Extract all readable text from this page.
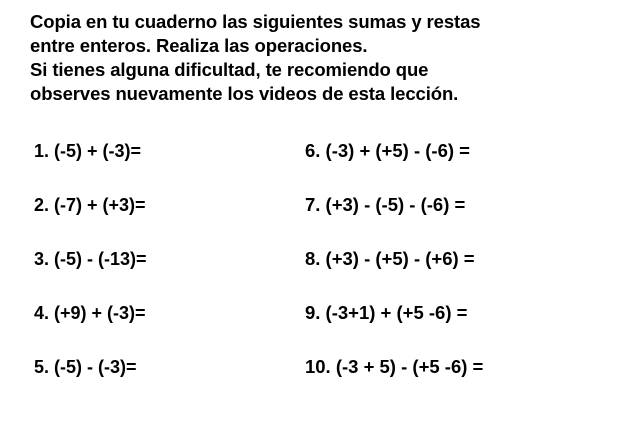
Copia en tu cuaderno las siguientes sumas y restas
entre enteros. Realiza las operaciones.
Si tienes alguna dificultad, te recomiendo que
observes nuevamente los videos de esta lección.
1. (-5) + (-3)=
2. (-7) + (+3)=
3. (-5) - (-13)=
4. (+9) + (-3)=
5. (-5) - (-3)=
6. (-3) + (+5) - (-6) =
7. (+3) - (-5) - (-6) =
8. (+3) - (+5) - (+6) =
9. (-3+1) + (+5 -6) =
10. (-3 + 5) - (+5 -6) =
